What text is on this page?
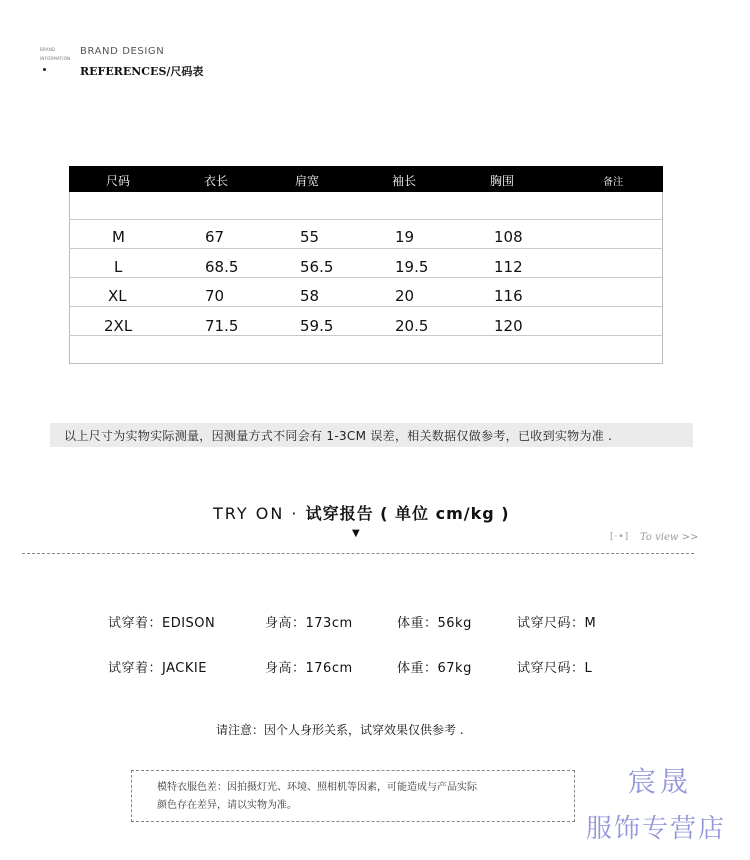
BRAND
INFORMATION
BRAND DESIGN
REFERENCES/尺码表
尺码	衣长	肩宽	袖长	胸围	备注
M	67	55	19	108
L	68.5	56.5	19.5	112
XL	70	58	20	116
2XL	71.5	59.5	20.5	120
以上尺寸为实物实际测量，因测量方式不同会有 1-3CM 误差，相关数据仅做参考，已收到实物为准 .
TRY ON · 试穿报告 ( 单位 cm/kg )
▼	[·•] To view >>
试穿着：EDISON	身高：173cm	体重：56kg	试穿尺码：M
试穿着：JACKIE	身高：176cm	体重：67kg	试穿尺码：L
请注意：因个人身形关系，试穿效果仅供参考 .
模特衣服色差：因拍摄灯光、环境、照相机等因素，可能造成与产品实际
颜色存在差异，请以实物为准。
宸晟
服饰专营店
